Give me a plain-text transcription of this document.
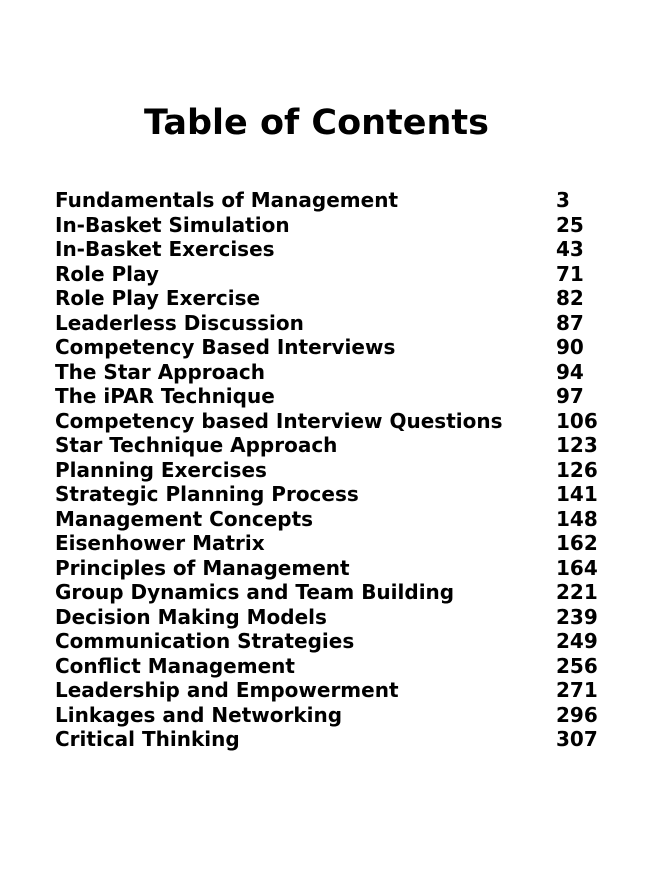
Table of Contents
Fundamentals of Management	3
In-Basket Simulation	25
In-Basket Exercises	43
Role Play	71
Role Play Exercise	82
Leaderless Discussion	87
Competency Based Interviews	90
The Star Approach	94
The iPAR Technique	97
Competency based Interview Questions	106
Star Technique Approach	123
Planning Exercises	126
Strategic Planning Process	141
Management Concepts	148
Eisenhower Matrix	162
Principles of Management	164
Group Dynamics and Team Building	221
Decision Making Models	239
Communication Strategies	249
Conflict Management	256
Leadership and Empowerment	271
Linkages and Networking	296
Critical Thinking	307
